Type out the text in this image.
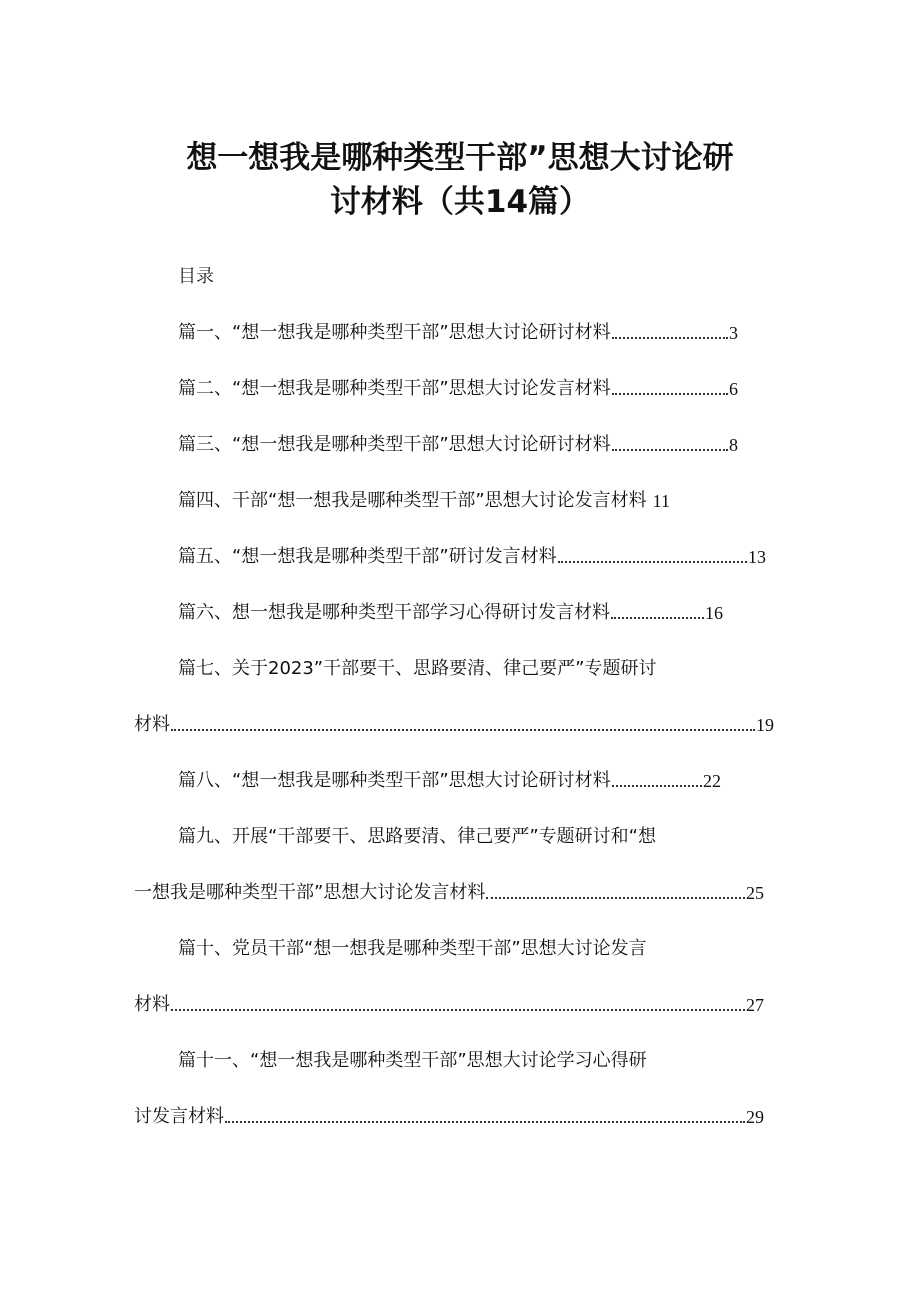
想一想我是哪种类型干部”思想大讨论研
讨材料（共14篇）
目录
篇一、“想一想我是哪种类型干部”思想大讨论研讨材料	3
篇二、“想一想我是哪种类型干部”思想大讨论发言材料	6
篇三、“想一想我是哪种类型干部”思想大讨论研讨材料	8
篇四、干部“想一想我是哪种类型干部”思想大讨论发言材料 11
篇五、“想一想我是哪种类型干部”研讨发言材料	13
篇六、想一想我是哪种类型干部学习心得研讨发言材料	16
篇七、关于2023”干部要干、思路要清、律己要严”专题研讨
材料	19
篇八、“想一想我是哪种类型干部”思想大讨论研讨材料	22
篇九、开展“干部要干、思路要清、律己要严”专题研讨和“想
一想我是哪种类型干部”思想大讨论发言材料	25
篇十、党员干部“想一想我是哪种类型干部”思想大讨论发言
材料	27
篇十一、“想一想我是哪种类型干部”思想大讨论学习心得研
讨发言材料	29
